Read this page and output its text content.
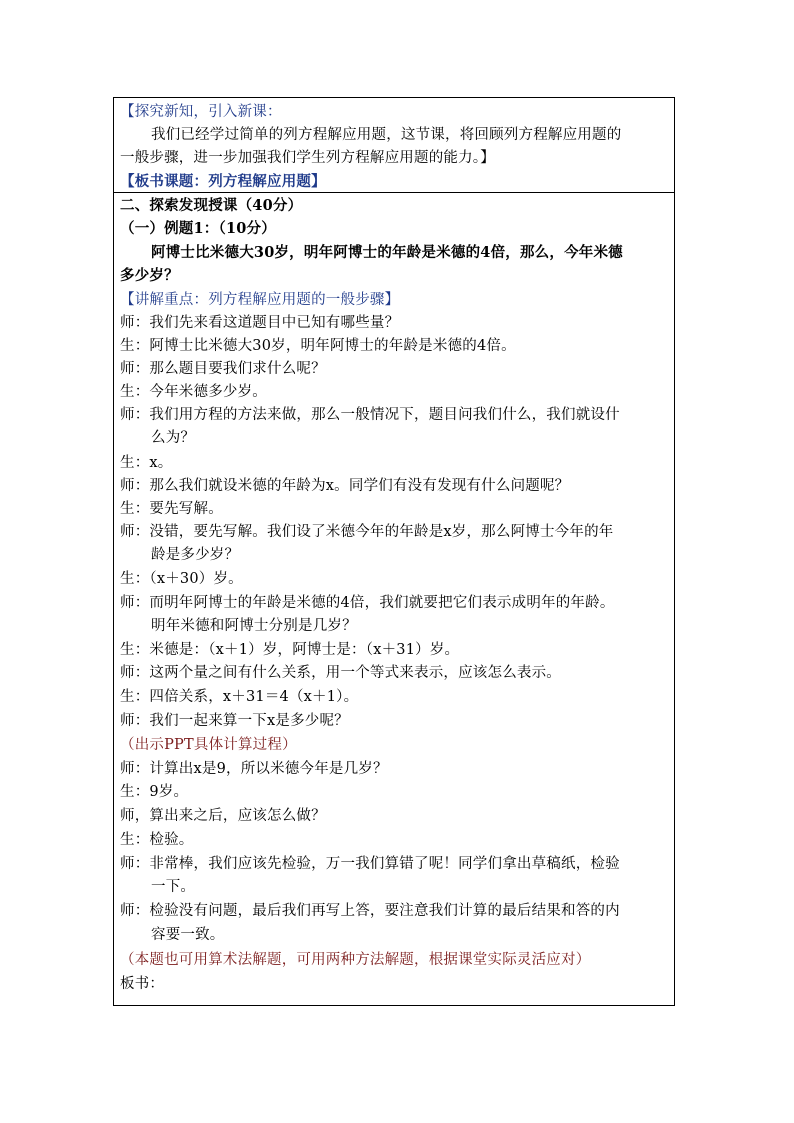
【探究新知，引入新课：
我们已经学过简单的列方程解应用题，这节课，将回顾列方程解应用题的
一般步骤，进一步加强我们学生列方程解应用题的能力。】
【板书课题：列方程解应用题】
二、探索发现授课（40分）
（一）例题1：（10分）
阿博士比米德大30岁，明年阿博士的年龄是米德的4倍，那么，今年米德
多少岁？
【讲解重点：列方程解应用题的一般步骤】
师：我们先来看这道题目中已知有哪些量？
生：阿博士比米德大30岁，明年阿博士的年龄是米德的4倍。
师：那么题目要我们求什么呢？
生：今年米德多少岁。
师：我们用方程的方法来做，那么一般情况下，题目问我们什么，我们就设什
么为？
生：x。
师：那么我们就设米德的年龄为x。同学们有没有发现有什么问题呢？
生：要先写解。
师：没错，要先写解。我们设了米德今年的年龄是x岁，那么阿博士今年的年
龄是多少岁？
生：（x＋30）岁。
师：而明年阿博士的年龄是米德的4倍，我们就要把它们表示成明年的年龄。
明年米德和阿博士分别是几岁？
生：米德是：（x＋1）岁，阿博士是：（x＋31）岁。
师：这两个量之间有什么关系，用一个等式来表示，应该怎么表示。
生：四倍关系，x＋31＝4（x＋1）。
师：我们一起来算一下x是多少呢？
（出示PPT具体计算过程）
师：计算出x是9，所以米德今年是几岁？
生：9岁。
师，算出来之后，应该怎么做？
生：检验。
师：非常棒，我们应该先检验，万一我们算错了呢！同学们拿出草稿纸，检验
一下。
师：检验没有问题，最后我们再写上答，要注意我们计算的最后结果和答的内
容要一致。
（本题也可用算术法解题，可用两种方法解题，根据课堂实际灵活应对）
板书：
